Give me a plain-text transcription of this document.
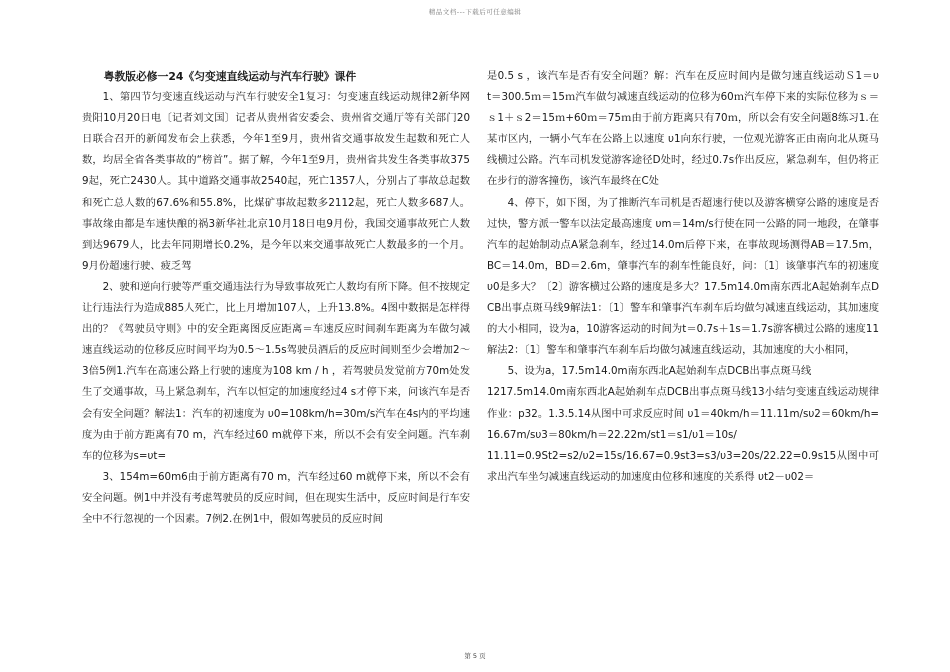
精品文档---下载后可任意编辑

粤教版必修一24《匀变速直线运动与汽车行驶》课件

1、第四节匀变速直线运动与汽车行驶安全1复习：匀变速直线运动规律2新华网贵阳10月20日电〔记者刘文国〕记者从贵州省安委会、贵州省交通厅等有关部门20日联合召开的新闻发布会上获悉，今年1至9月，贵州省交通事故发生起数和死亡人数，均居全省各类事故的“榜首”。据了解，今年1至9月，贵州省共发生各类事故3759起，死亡2430人。其中道路交通事故2540起，死亡1357人，分别占了事故总起数和死亡总人数的67.6%和55.8%，比煤矿事故起数多2112起，死亡人数多687人。事故缘由都是车速快酿的祸3新华社北京10月18日电9月份，我国交通事故死亡人数到达9679人，比去年同期增长0.2%，是今年以来交通事故死亡人数最多的一个月。9月份超速行驶、疲乏驾

2、驶和逆向行驶等严重交通违法行为导致事故死亡人数均有所下降。但不按规定让行违法行为造成885人死亡，比上月增加107人，上升13.8%。4图中数据是怎样得出的？《驾驶员守则》中的安全距离图反应距离＝车速反应时间刹车距离为车做匀减速直线运动的位移反应时间平均为0.5～1.5s驾驶员酒后的反应时间则至少会增加2～3倍5例1.汽车在高速公路上行驶的速度为108 km / h ，若驾驶员发觉前方70m处发生了交通事故，马上紧急刹车，汽车以恒定的加速度经过4 s才停下来，问该汽车是否会有安全问题？解法1：汽车的初速度为 υ0=108km/h=30m/s汽车在4s内的平均速度为由于前方距离有70 m，汽车经过60 m就停下来，所以不会有安全问题。汽车刹车的位移为s=υt=

3、154m=60m6由于前方距离有70 m，汽车经过60 m就停下来，所以不会有安全问题。例1中并没有考虑驾驶员的反应时间，但在现实生活中，反应时间是行车安全中不行忽视的一个因素。7例2.在例1中，假如驾驶员的反应时间

是0.5 s ，该汽车是否有安全问题？解：汽车在反应时间内是做匀速直线运动Ｓ1＝υ　t＝300.5ｍ＝15ｍ汽车做匀减速直线运动的位移为60ｍ汽车停下来的实际位移为ｓ＝ｓ1＋ｓ2＝15ｍ+60ｍ＝75ｍ由于前方距离只有70ｍ，所以会有安全问题8练习1.在某市区内，一辆小气车在公路上以速度 υ1向东行驶，一位观光游客正由南向北从斑马线横过公路。汽车司机发觉游客途径D处时，经过0.7s作出反应，紧急刹车，但仍将正在步行的游客撞伤，该汽车最终在C处

4、停下，如下图，为了推断汽车司机是否超速行使以及游客横穿公路的速度是否过快，警方派一警车以法定最高速度 υm＝14m/s行使在同一公路的同一地段，在肇事汽车的起始制动点A紧急刹车，经过14.0m后停下来，在事故现场测得AB＝17.5m，BC＝14.0m，BD＝2.6m，肇事汽车的刹车性能良好，问：〔1〕该肇事汽车的初速度 υ0是多大？〔2〕游客横过公路的速度是多大？17.5m14.0m南东西北A起始刹车点DCB出事点斑马线9解法1：〔1〕警车和肇事汽车刹车后均做匀减速直线运动，其加速度的大小相同，设为a，10游客运动的时间为t＝0.7s＋1s＝1.7s游客横过公路的速度11解法2：〔1〕警车和肇事汽车刹车后均做匀减速直线运动，其加速度的大小相同，

5、设为a，17.5m14.0m南东西北A起始刹车点DCB出事点斑马线

1217.5m14.0m南东西北A起始刹车点DCB出事点斑马线13小结匀变速直线运动规律作业：p32。1.3.5.14从图中可求反应时间 υ1＝40km/h＝11.11m/sυ2＝60km/h=16.67m/sυ3＝80km/h＝22.22m/st1＝s1/υ1＝10s/

11.11=0.9St2=s2/υ2=15s/16.67=0.9st3=s3/υ3=20s/22.22=0.9s15从图中可求出汽车坐匀减速直线运动的加速度由位移和速度的关系得 υt2－υ02＝

第 5 页
